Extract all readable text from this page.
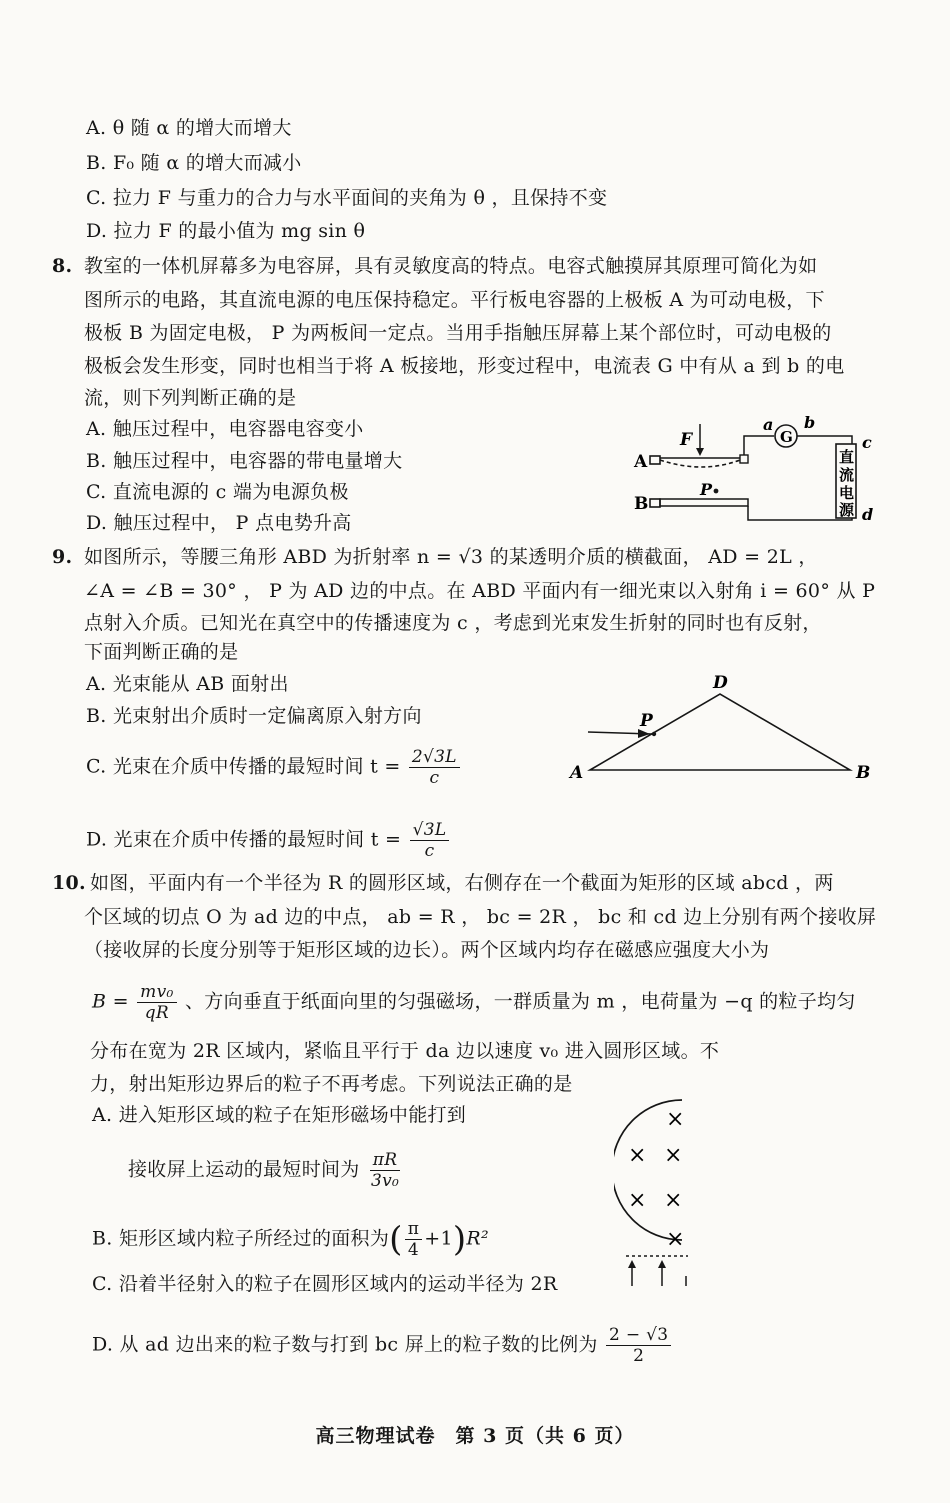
A. θ 随 α 的增大而增大
B. F₀ 随 α 的增大而减小
C. 拉力 F 与重力的合力与水平面间的夹角为 θ ，且保持不变
D. 拉力 F 的最小值为 mg sin θ
8. 教室的一体机屏幕多为电容屏，具有灵敏度高的特点。电容式触摸屏其原理可简化为如
图所示的电路，其直流电源的电压保持稳定。平行板电容器的上极板 A 为可动电极，下
极板 B 为固定电极， P 为两板间一定点。当用手指触压屏幕上某个部位时，可动电极的
极板会发生形变，同时也相当于将 A 板接地，形变过程中，电流表 G 中有从 a 到 b 的电
流，则下列判断正确的是
A. 触压过程中，电容器电容变小
B. 触压过程中，电容器的带电量增大
C. 直流电源的 c 端为电源负极
D. 触压过程中， P 点电势升高
A
B
F
P
a b
G	c
d
直
流
电
源
9. 如图所示，等腰三角形 ABD 为折射率 n = √3 的某透明介质的横截面， AD = 2L ，
∠A = ∠B = 30° ， P 为 AD 边的中点。在 ABD 平面内有一细光束以入射角 i = 60° 从 P
点射入介质。已知光在真空中的传播速度为 c ，考虑到光束发生折射的同时也有反射，
下面判断正确的是
A. 光束能从 AB 面射出
B. 光束射出介质时一定偏离原入射方向
C. 光束在介质中传播的最短时间 $t = \frac{2√3L}{c}$
D. 光束在介质中传播的最短时间 $t = \frac{√3L}{c}$
A	B
D
P
10. 如图，平面内有一个半径为 R 的圆形区域，右侧存在一个截面为矩形的区域 abcd ，两
个区域的切点 O 为 ad 边的中点， ab = R ， bc = 2R ， bc 和 cd 边上分别有两个接收屏
（接收屏的长度分别等于矩形区域的边长）。两个区域内均存在磁感应强度大小为
$B = \frac{\text{mv₀}}{qR}$ 、方向垂直于纸面向里的匀强磁场，一群质量为 m ，电荷量为 −q 的粒子均匀
分布在宽为 2R 区域内，紧临且平行于 da 边以速度 v₀ 进入圆形区域。不
力，射出矩形边界后的粒子不再考虑。下列说法正确的是
A. 进入矩形区域的粒子在矩形磁场中能打到
接收屏上运动的最短时间为 $\frac{\pi R}{\text{3v₀}}$
B. 矩形区域内粒子所经过的面积为( $\frac{\pi}{4} +1)R^2$
C. 沿着半径射入的粒子在圆形区域内的运动半径为 2R
D. 从 ad 边出来的粒子数与打到 bc 屏上的粒子数的比例为 $\frac{2 - √3}{2}$
×
× ×
× ×
×
高三物理试卷　第 3 页（共 6 页）
